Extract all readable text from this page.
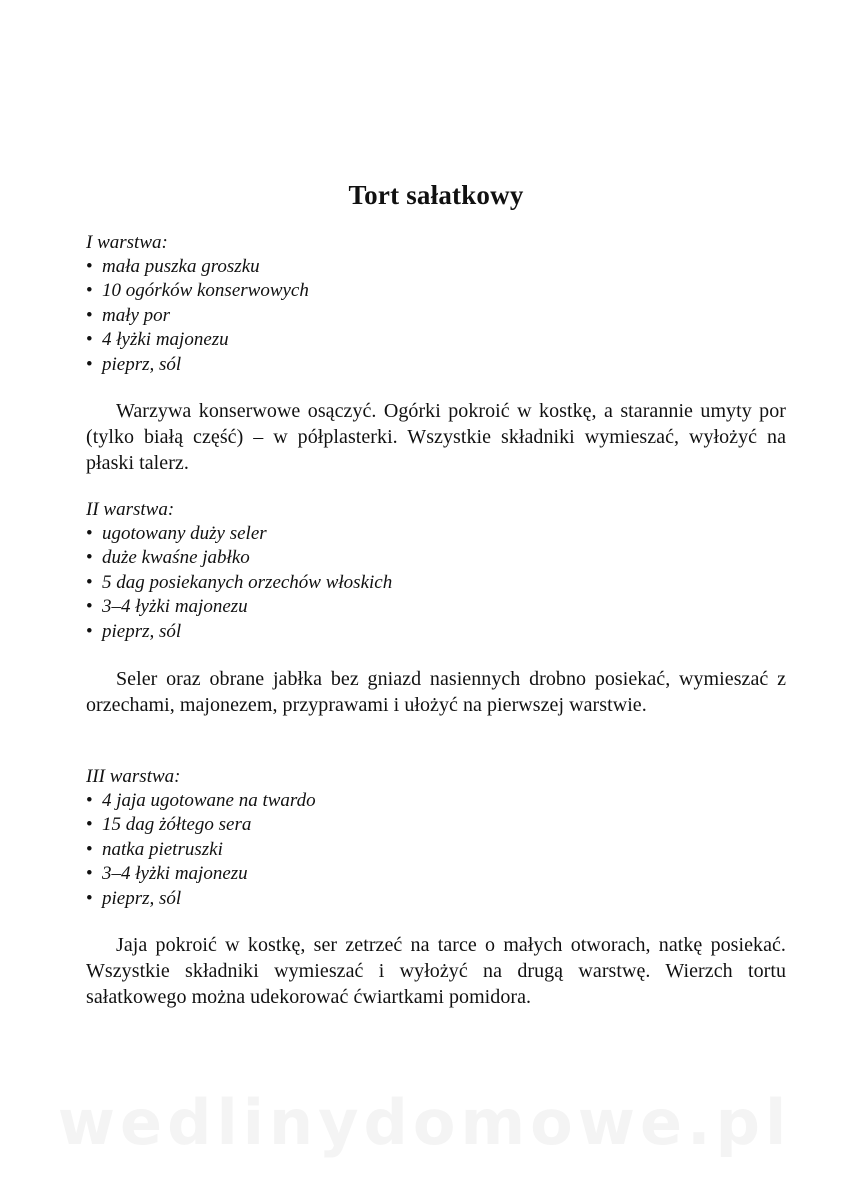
Tort sałatkowy

I warstwa:

• mała puszka groszku
• 10 ogórków konserwowych
• mały por
• 4 łyżki majonezu
• pieprz, sól

Warzywa konserwowe osączyć. Ogórki pokroić w kostkę, a starannie umyty por (tylko białą część) – w półplasterki. Wszystkie składniki wymieszać, wyłożyć na płaski talerz.

II warstwa:

• ugotowany duży seler
• duże kwaśne jabłko
• 5 dag posiekanych orzechów włoskich
• 3–4 łyżki majonezu
• pieprz, sól

Seler oraz obrane jabłka bez gniazd nasiennych drobno posiekać, wymieszać z orzechami, majonezem, przyprawami i ułożyć na pierwszej warstwie.

III warstwa:

• 4 jaja ugotowane na twardo
• 15 dag żółtego sera
• natka pietruszki
• 3–4 łyżki majonezu
• pieprz, sól

Jaja pokroić w kostkę, ser zetrzeć na tarce o małych otworach, natkę posiekać. Wszystkie składniki wymieszać i wyłożyć na drugą warstwę. Wierzch tortu sałatkowego można udekorować ćwiartkami pomidora.

wedlinydomowe.pl
